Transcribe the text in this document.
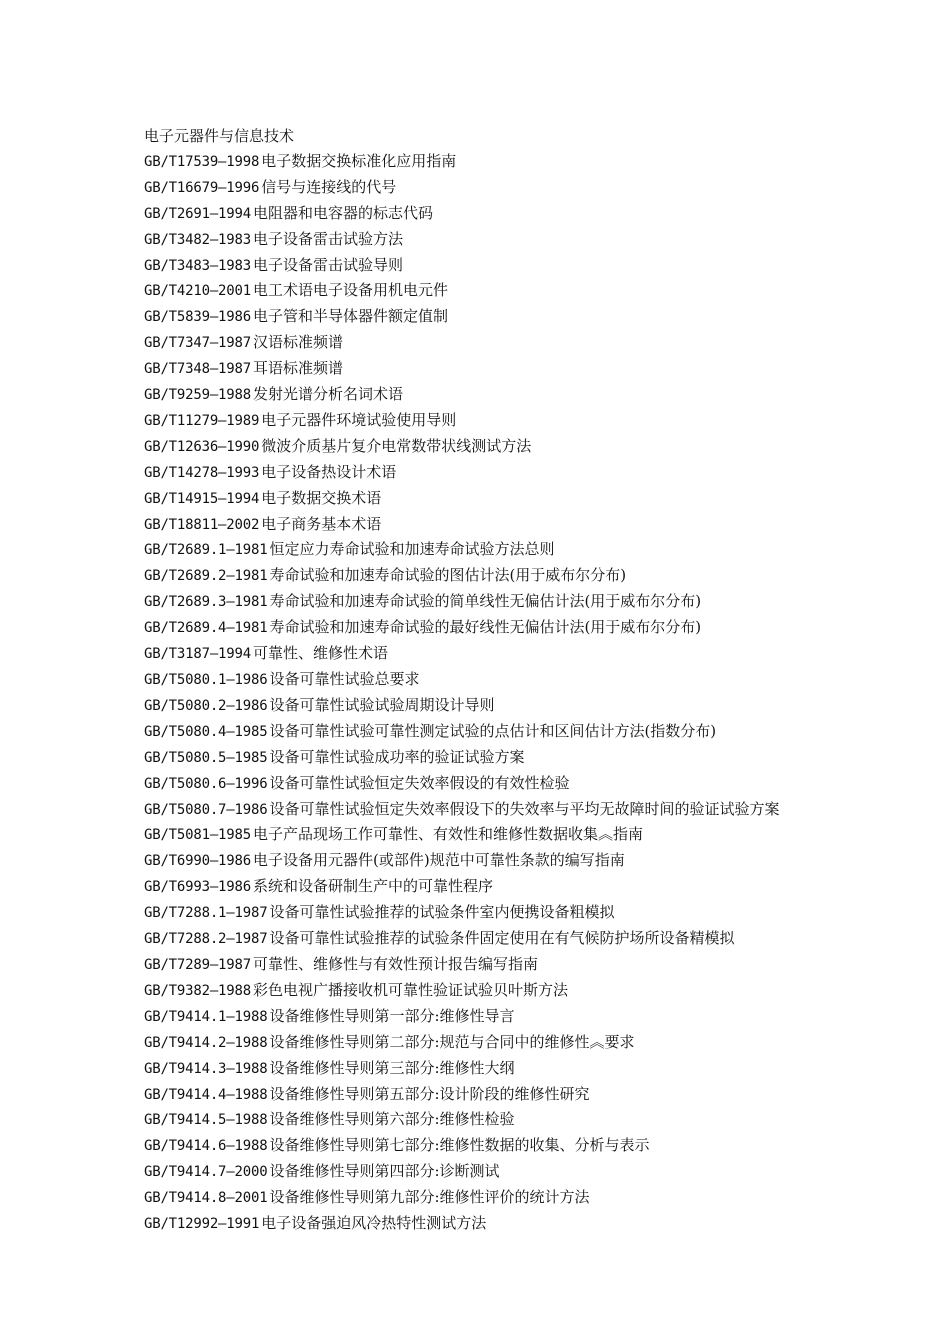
电子元器件与信息技术
GB/T17539—1998 电子数据交换标准化应用指南
GB/T16679—1996 信号与连接线的代号
GB/T2691—1994 电阻器和电容器的标志代码
GB/T3482—1983 电子设备雷击试验方法
GB/T3483—1983 电子设备雷击试验导则
GB/T4210—2001 电工术语电子设备用机电元件
GB/T5839—1986 电子管和半导体器件额定值制
GB/T7347—1987 汉语标准频谱
GB/T7348—1987 耳语标准频谱
GB/T9259—1988 发射光谱分析名词术语
GB/T11279—1989 电子元器件环境试验使用导则
GB/T12636—1990 微波介质基片复介电常数带状线测试方法
GB/T14278—1993 电子设备热设计术语
GB/T14915—1994 电子数据交换术语
GB/T18811—2002 电子商务基本术语
GB/T2689.1—1981 恒定应力寿命试验和加速寿命试验方法总则
GB/T2689.2—1981 寿命试验和加速寿命试验的图估计法(用于威布尔分布)
GB/T2689.3—1981 寿命试验和加速寿命试验的简单线性无偏估计法(用于威布尔分布)
GB/T2689.4—1981 寿命试验和加速寿命试验的最好线性无偏估计法(用于威布尔分布)
GB/T3187—1994 可靠性、维修性术语
GB/T5080.1—1986 设备可靠性试验总要求
GB/T5080.2—1986 设备可靠性试验试验周期设计导则
GB/T5080.4—1985 设备可靠性试验可靠性测定试验的点估计和区间估计方法(指数分布)
GB/T5080.5—1985 设备可靠性试验成功率的验证试验方案
GB/T5080.6—1996 设备可靠性试验恒定失效率假设的有效性检验
GB/T5080.7—1986 设备可靠性试验恒定失效率假设下的失效率与平均无故障时间的验证试验方案
GB/T5081—1985 电子产品现场工作可靠性、有效性和维修性数据收集︽指南
GB/T6990—1986 电子设备用元器件(或部件)规范中可靠性条款的编写指南
GB/T6993—1986 系统和设备研制生产中的可靠性程序
GB/T7288.1—1987 设备可靠性试验推荐的试验条件室内便携设备粗模拟
GB/T7288.2—1987 设备可靠性试验推荐的试验条件固定使用在有气候防护场所设备精模拟
GB/T7289—1987 可靠性、维修性与有效性预计报告编写指南
GB/T9382—1988 彩色电视广播接收机可靠性验证试验贝叶斯方法
GB/T9414.1—1988 设备维修性导则第一部分:维修性导言
GB/T9414.2—1988 设备维修性导则第二部分:规范与合同中的维修性︽要求
GB/T9414.3—1988 设备维修性导则第三部分:维修性大纲
GB/T9414.4—1988 设备维修性导则第五部分:设计阶段的维修性研究
GB/T9414.5—1988 设备维修性导则第六部分:维修性检验
GB/T9414.6—1988 设备维修性导则第七部分:维修性数据的收集、分析与表示
GB/T9414.7—2000 设备维修性导则第四部分:诊断测试
GB/T9414.8—2001 设备维修性导则第九部分:维修性评价的统计方法
GB/T12992—1991 电子设备强迫风冷热特性测试方法
